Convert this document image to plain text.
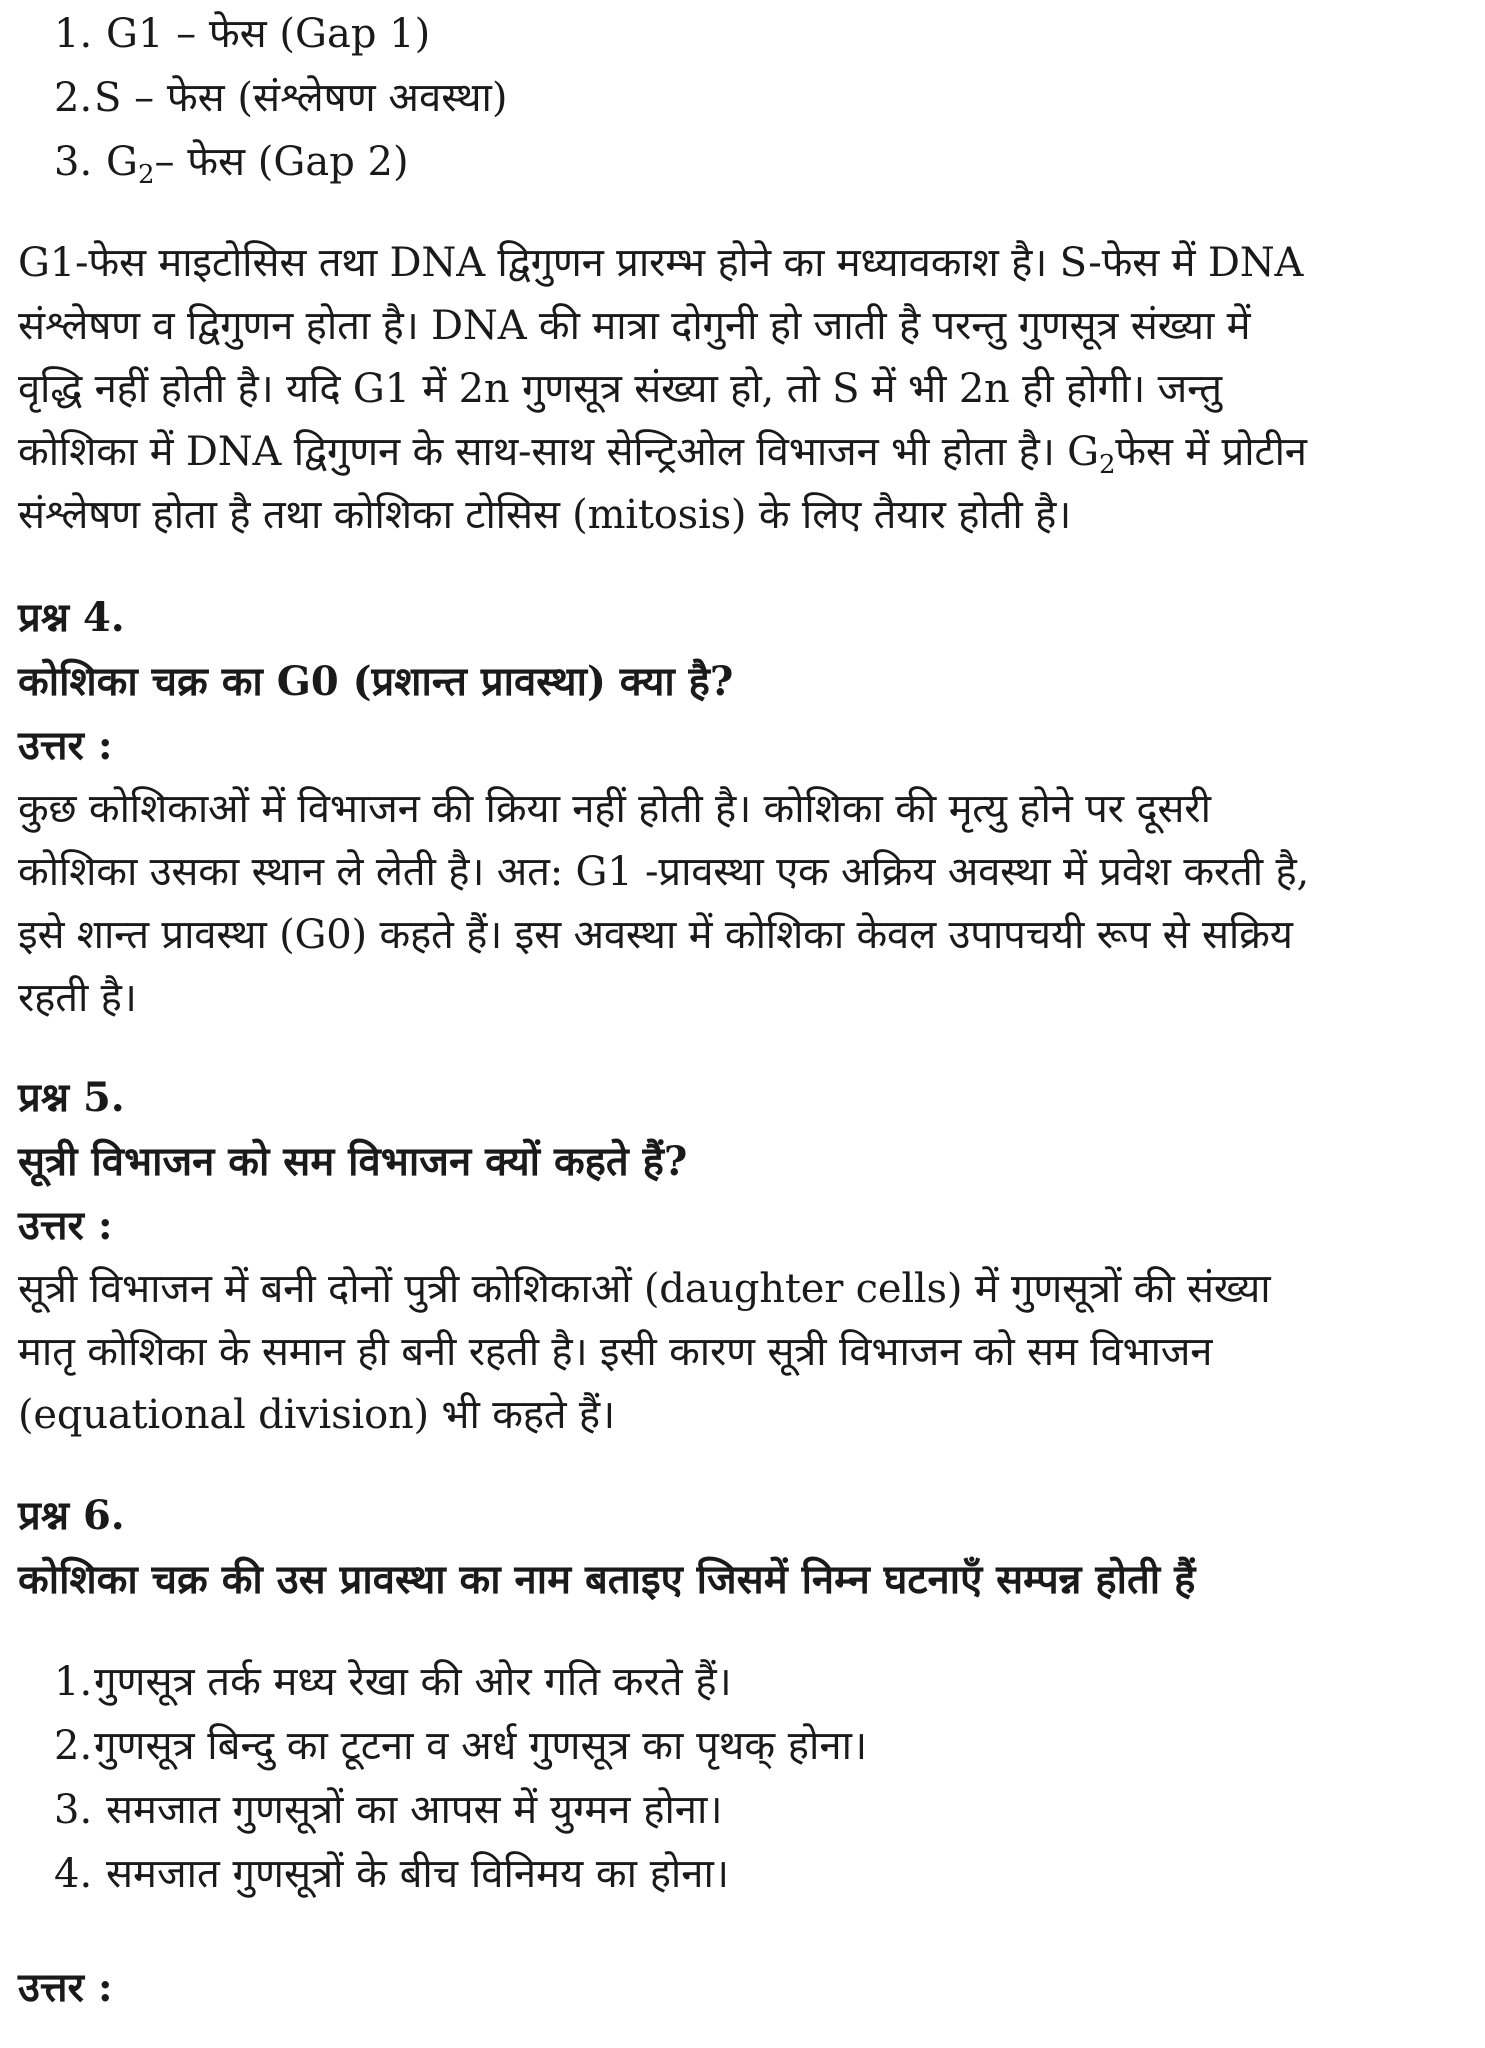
1. G1 – फेस (Gap 1)
2.S – फेस (संश्लेषण अवस्था)
3. $G_2-$ फेस (Gap 2)

G1-फेस माइटोसिस तथा DNA द्विगुणन प्रारम्भ होने का मध्यावकाश है। S-फेस में DNA
संश्लेषण व द्विगुणन होता है। DNA की मात्रा दोगुनी हो जाती है परन्तु गुणसूत्र संख्या में
वृद्धि नहीं होती है। यदि G1 में 2n गुणसूत्र संख्या हो, तो S में भी 2n ही होगी। जन्तु
कोशिका में DNA द्विगुणन के साथ-साथ सेन्ट्रिओल विभाजन भी होता है। $G_2फेस$ में प्रोटीन
संश्लेषण होता है तथा कोशिका टोसिस (mitosis) के लिए तैयार होती है।

प्रश्न 4.

कोशिका चक्र का G0 (प्रशान्त प्रावस्था) क्या है?

उत्तर :

कुछ कोशिकाओं में विभाजन की क्रिया नहीं होती है। कोशिका की मृत्यु होने पर दूसरी
कोशिका उसका स्थान ले लेती है। अत: G1 -प्रावस्था एक अक्रिय अवस्था में प्रवेश करती है,
इसे शान्त प्रावस्था (G0) कहते हैं। इस अवस्था में कोशिका केवल उपापचयी रूप से सक्रिय
रहती है।

प्रश्न 5.

सूत्री विभाजन को सम विभाजन क्यों कहते हैं?

उत्तर :

सूत्री विभाजन में बनी दोनों पुत्री कोशिकाओं (daughter cells) में गुणसूत्रों की संख्या
मातृ कोशिका के समान ही बनी रहती है। इसी कारण सूत्री विभाजन को सम विभाजन
(equational division) भी कहते हैं।

प्रश्न 6.

कोशिका चक्र की उस प्रावस्था का नाम बताइए जिसमें निम्न घटनाएँ सम्पन्न होती हैं

1.गुणसूत्र तर्क मध्य रेखा की ओर गति करते हैं।
2.गुणसूत्र बिन्दु का टूटना व अर्ध गुणसूत्र का पृथक् होना।
3. समजात गुणसूत्रों का आपस में युग्मन होना।
4. समजात गुणसूत्रों के बीच विनिमय का होना।

उत्तर :
